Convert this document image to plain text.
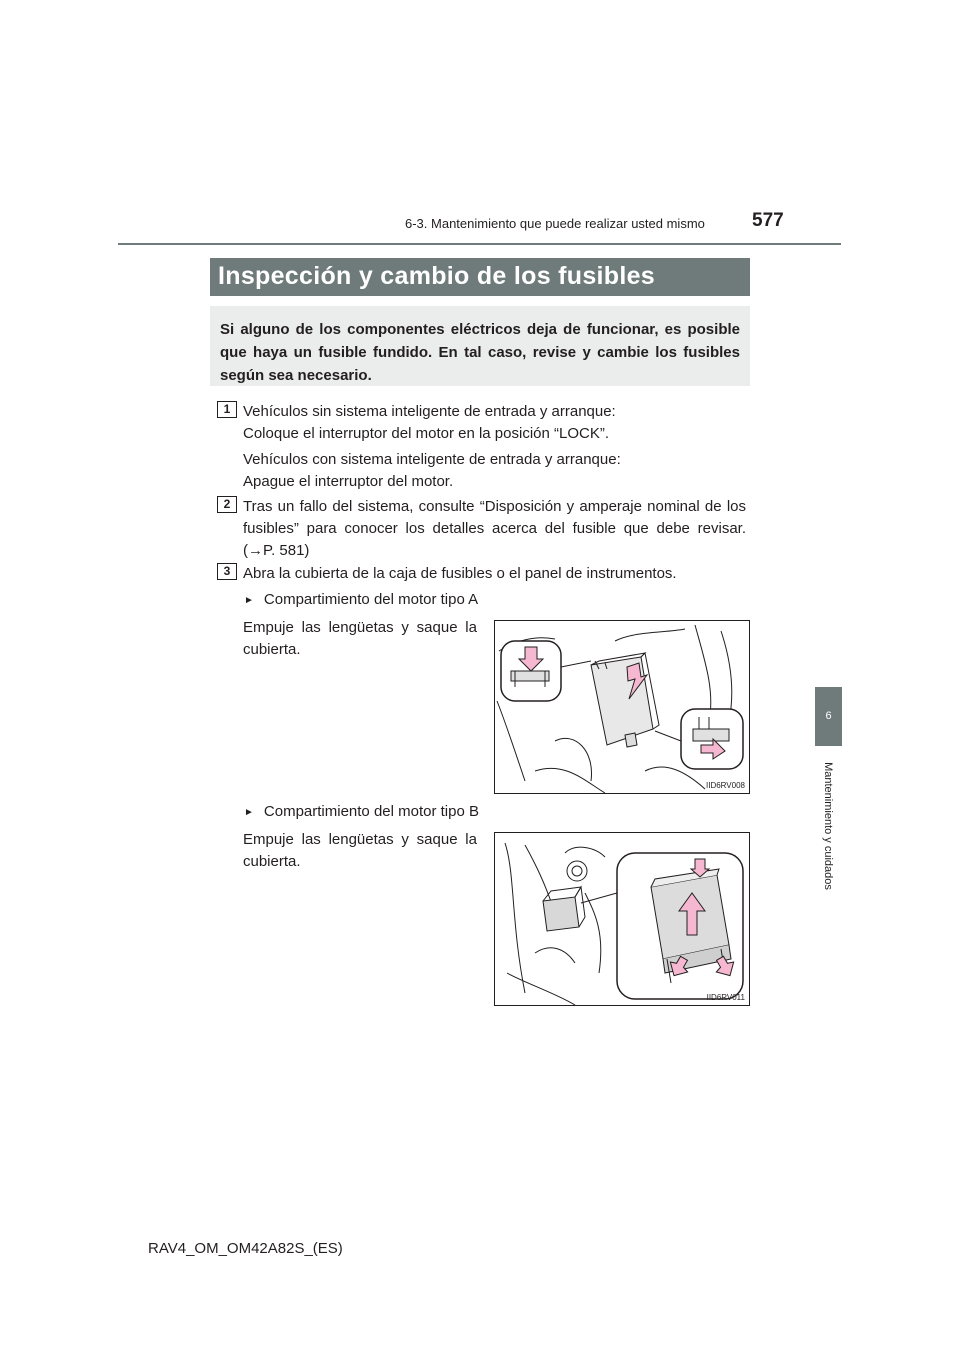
6-3. Mantenimiento que puede realizar usted mismo 577
6
Mantenimiento y cuidados
Inspección y cambio de los fusibles

Si alguno de los componentes eléctricos deja de funcionar, es posible que haya un fusible fundido. En tal caso, revise y cambie los fusibles según sea necesario.

1 Vehículos sin sistema inteligente de entrada y arranque:
Coloque el interruptor del motor en la posición “LOCK”.
Vehículos con sistema inteligente de entrada y arranque:
Apague el interruptor del motor.
2 Tras un fallo del sistema, consulte “Disposición y amperaje nominal de los fusibles” para conocer los detalles acerca del fusible que debe revisar. (→P. 581)
3 Abra la cubierta de la caja de fusibles o el panel de instrumentos.
► Compartimiento del motor tipo A
Empuje las lengüetas y saque la cubierta.
IID6RV008
► Compartimiento del motor tipo B
Empuje las lengüetas y saque la cubierta.
IID6RV011
RAV4_OM_OM42A82S_(ES)
